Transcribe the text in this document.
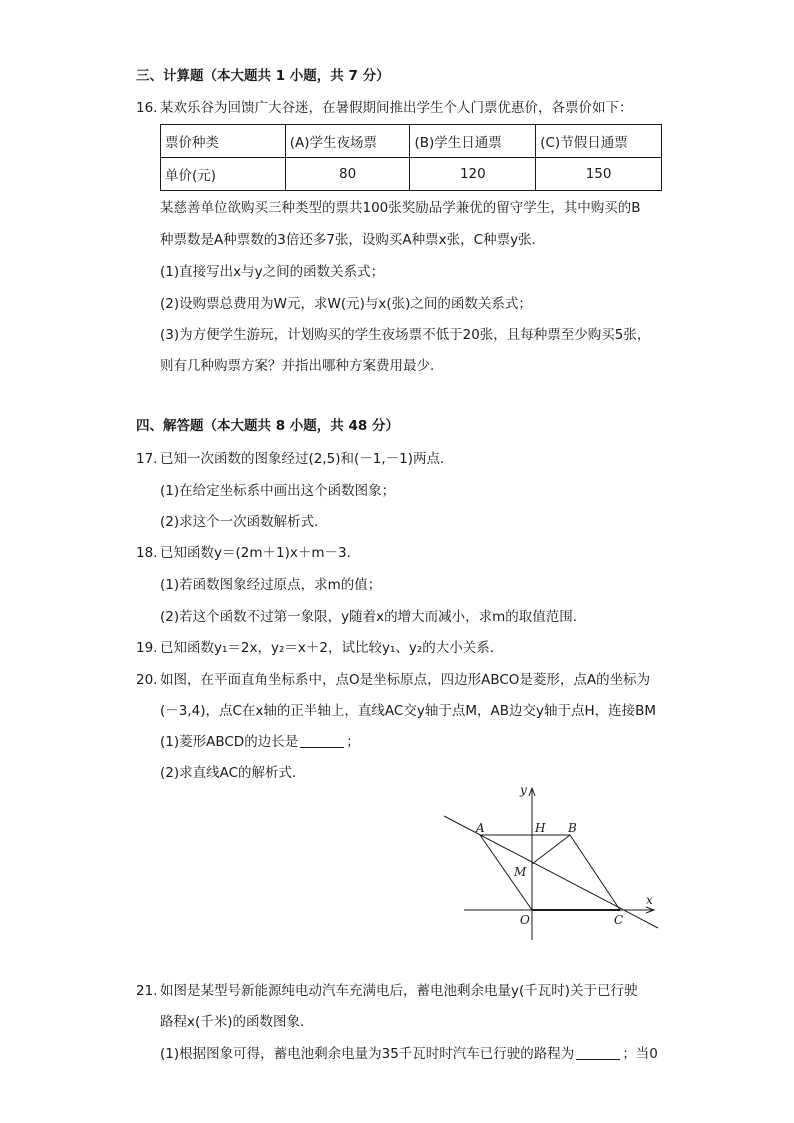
三、计算题（本大题共 1 小题，共 7 分）
16. 某欢乐谷为回馈广大谷迷，在暑假期间推出学生个人门票优惠价，各票价如下：
票价种类	(A)学生夜场票	(B)学生日通票	(C)节假日通票
单价(元)	80	120	150
某慈善单位欲购买三种类型的票共100张奖励品学兼优的留守学生，其中购买的B
种票数是A种票数的3倍还多7张，设购买A种票x张，C种票y张．
(1)直接写出x与y之间的函数关系式；
(2)设购票总费用为W元，求W(元)与x(张)之间的函数关系式；
(3)为方便学生游玩，计划购买的学生夜场票不低于20张，且每种票至少购买5张，
则有几种购票方案？并指出哪种方案费用最少．
四、解答题（本大题共 8 小题，共 48 分）
17. 已知一次函数的图象经过(2,5)和(－1,－1)两点．
(1)在给定坐标系中画出这个函数图象；
(2)求这个一次函数解析式．
18. 已知函数y＝(2m＋1)x＋m－3．
(1)若函数图象经过原点，求m的值；
(2)若这个函数不过第一象限，y随着x的增大而减小，求m的取值范围．
19. 已知函数y₁＝2x，y₂＝x＋2，试比较y₁、y₂的大小关系．
20. 如图，在平面直角坐标系中，点O是坐标原点，四边形ABCO是菱形，点A的坐标为
(－3,4)，点C在x轴的正半轴上，直线AC交y轴于点M，AB边交y轴于点H，连接BM
(1)菱形ABCD的边长是	；
(2)求直线AC的解析式．
y
x
A	H B
M
O	C
21. 如图是某型号新能源纯电动汽车充满电后，蓄电池剩余电量y(千瓦时)关于已行驶
路程x(千米)的函数图象．
(1)根据图象可得，蓄电池剩余电量为35千瓦时时汽车已行驶的路程为	；当0
